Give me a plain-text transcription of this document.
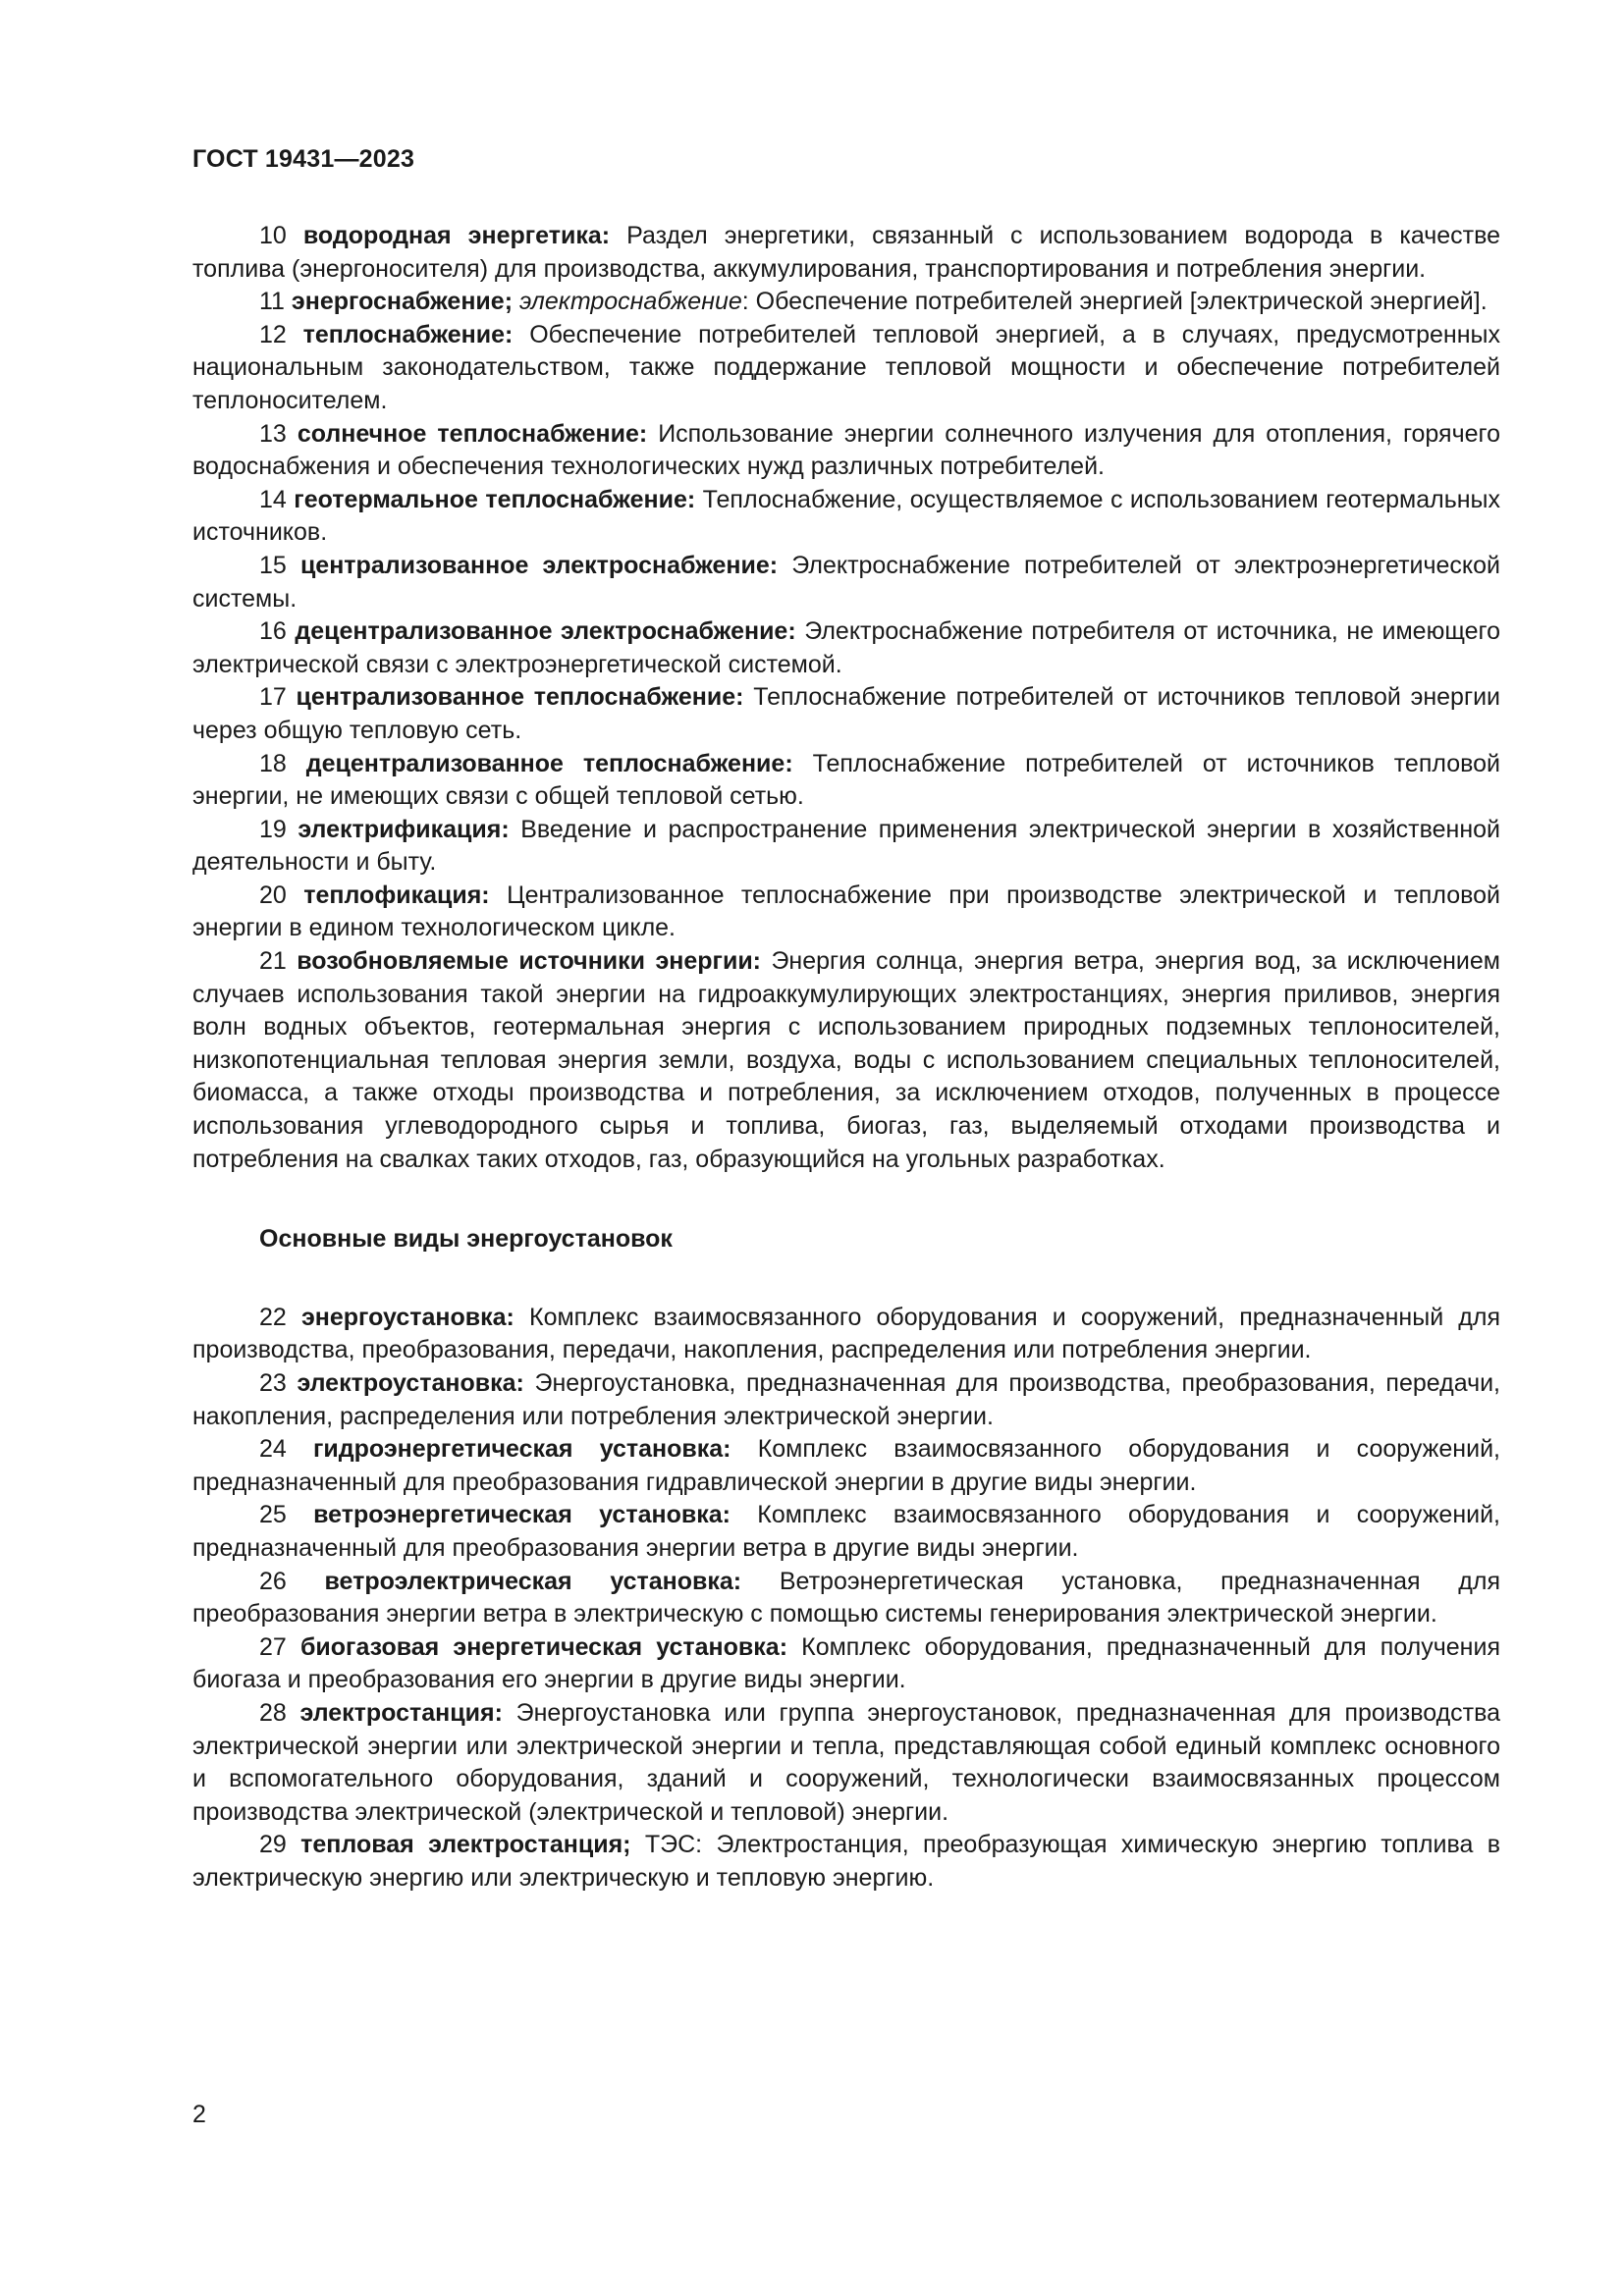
ГОСТ 19431—2023

10 водородная энергетика: Раздел энергетики, связанный с использованием водорода в качестве топлива (энергоносителя) для производства, аккумулирования, транспортирования и потребления энергии.

11 энергоснабжение; электроснабжение: Обеспечение потребителей энергией [электрической энергией].

12 теплоснабжение: Обеспечение потребителей тепловой энергией, а в случаях, предусмотренных национальным законодательством, также поддержание тепловой мощности и обеспечение потребителей теплоносителем.

13 солнечное теплоснабжение: Использование энергии солнечного излучения для отопления, горячего водоснабжения и обеспечения технологических нужд различных потребителей.

14 геотермальное теплоснабжение: Теплоснабжение, осуществляемое с использованием геотермальных источников.

15 централизованное электроснабжение: Электроснабжение потребителей от электроэнергетической системы.

16 децентрализованное электроснабжение: Электроснабжение потребителя от источника, не имеющего электрической связи с электроэнергетической системой.

17 централизованное теплоснабжение: Теплоснабжение потребителей от источников тепловой энергии через общую тепловую сеть.

18 децентрализованное теплоснабжение: Теплоснабжение потребителей от источников тепловой энергии, не имеющих связи с общей тепловой сетью.

19 электрификация: Введение и распространение применения электрической энергии в хозяйственной деятельности и быту.

20 теплофикация: Централизованное теплоснабжение при производстве электрической и тепловой энергии в едином технологическом цикле.

21 возобновляемые источники энергии: Энергия солнца, энергия ветра, энергия вод, за исключением случаев использования такой энергии на гидроаккумулирующих электростанциях, энергия приливов, энергия волн водных объектов, геотермальная энергия с использованием природных подземных теплоносителей, низкопотенциальная тепловая энергия земли, воздуха, воды с использованием специальных теплоносителей, биомасса, а также отходы производства и потребления, за исключением отходов, полученных в процессе использования углеводородного сырья и топлива, биогаз, газ, выделяемый отходами производства и потребления на свалках таких отходов, газ, образующийся на угольных разработках.

Основные виды энергоустановок

22 энергоустановка: Комплекс взаимосвязанного оборудования и сооружений, предназначенный для производства, преобразования, передачи, накопления, распределения или потребления энергии.

23 электроустановка: Энергоустановка, предназначенная для производства, преобразования, передачи, накопления, распределения или потребления электрической энергии.

24 гидроэнергетическая установка: Комплекс взаимосвязанного оборудования и сооружений, предназначенный для преобразования гидравлической энергии в другие виды энергии.

25 ветроэнергетическая установка: Комплекс взаимосвязанного оборудования и сооружений, предназначенный для преобразования энергии ветра в другие виды энергии.

26 ветроэлектрическая установка: Ветроэнергетическая установка, предназначенная для преобразования энергии ветра в электрическую с помощью системы генерирования электрической энергии.

27 биогазовая энергетическая установка: Комплекс оборудования, предназначенный для получения биогаза и преобразования его энергии в другие виды энергии.

28 электростанция: Энергоустановка или группа энергоустановок, предназначенная для производства электрической энергии или электрической энергии и тепла, представляющая собой единый комплекс основного и вспомогательного оборудования, зданий и сооружений, технологически взаимосвязанных процессом производства электрической (электрической и тепловой) энергии.

29 тепловая электростанция; ТЭС: Электростанция, преобразующая химическую энергию топлива в электрическую энергию или электрическую и тепловую энергию.

2
